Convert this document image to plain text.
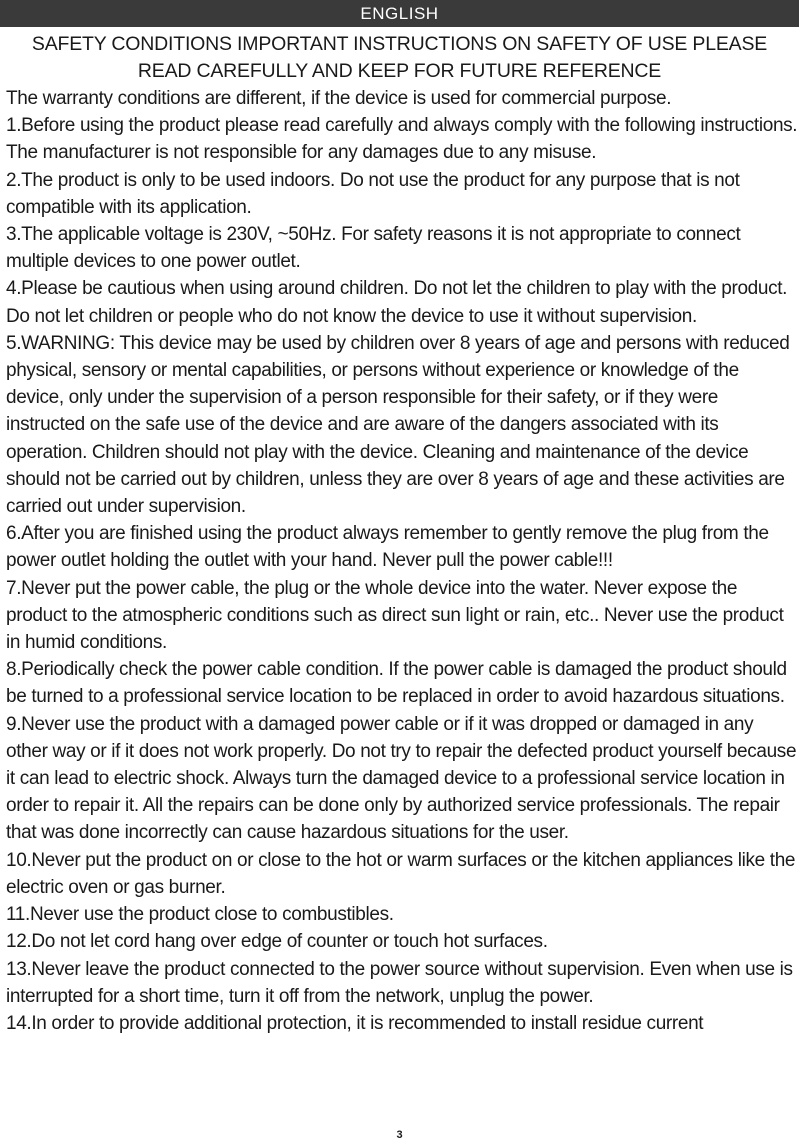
ENGLISH
SAFETY CONDITIONS IMPORTANT INSTRUCTIONS ON SAFETY OF USE PLEASE
READ CAREFULLY AND KEEP FOR FUTURE REFERENCE

The warranty conditions are different, if the device is used for commercial purpose.

1.Before using the product please read carefully and always comply with the following instructions. The manufacturer is not responsible for any damages due to any misuse.

2.The product is only to be used indoors. Do not use the product for any purpose that is not compatible with its application.

3.The applicable voltage is 230V, ~50Hz. For safety reasons it is not appropriate to connect multiple devices to one power outlet.

4.Please be cautious when using around children. Do not let the children to play with the product. Do not let children or people who do not know the device to use it without supervision.

5.WARNING: This device may be used by children over 8 years of age and persons with reduced physical, sensory or mental capabilities, or persons without experience or knowledge of the device, only under the supervision of a person responsible for their safety, or if they were instructed on the safe use of the device and are aware of the dangers associated with its operation. Children should not play with the device. Cleaning and maintenance of the device should not be carried out by children, unless they are over 8 years of age and these activities are carried out under supervision.

6.After you are finished using the product always remember to gently remove the plug from the power outlet holding the outlet with your hand. Never pull the power cable!!!

7.Never put the power cable, the plug or the whole device into the water. Never expose the product to the atmospheric conditions such as direct sun light or rain, etc.. Never use the product in humid conditions.

8.Periodically check the power cable condition. If the power cable is damaged the product should be turned to a professional service location to be replaced in order to avoid hazardous situations.

9.Never use the product with a damaged power cable or if it was dropped or damaged in any other way or if it does not work properly. Do not try to repair the defected product yourself because it can lead to electric shock. Always turn the damaged device to a professional service location in order to repair it. All the repairs can be done only by authorized service professionals. The repair that was done incorrectly can cause hazardous situations for the user.

10.Never put the product on or close to the hot or warm surfaces or the kitchen appliances like the electric oven or gas burner.

11.Never use the product close to combustibles.

12.Do not let cord hang over edge of counter or touch hot surfaces.

13.Never leave the product connected to the power source without supervision. Even when use is interrupted for a short time, turn it off from the network, unplug the power.

14.In order to provide additional protection, it is recommended to install residue current

3
